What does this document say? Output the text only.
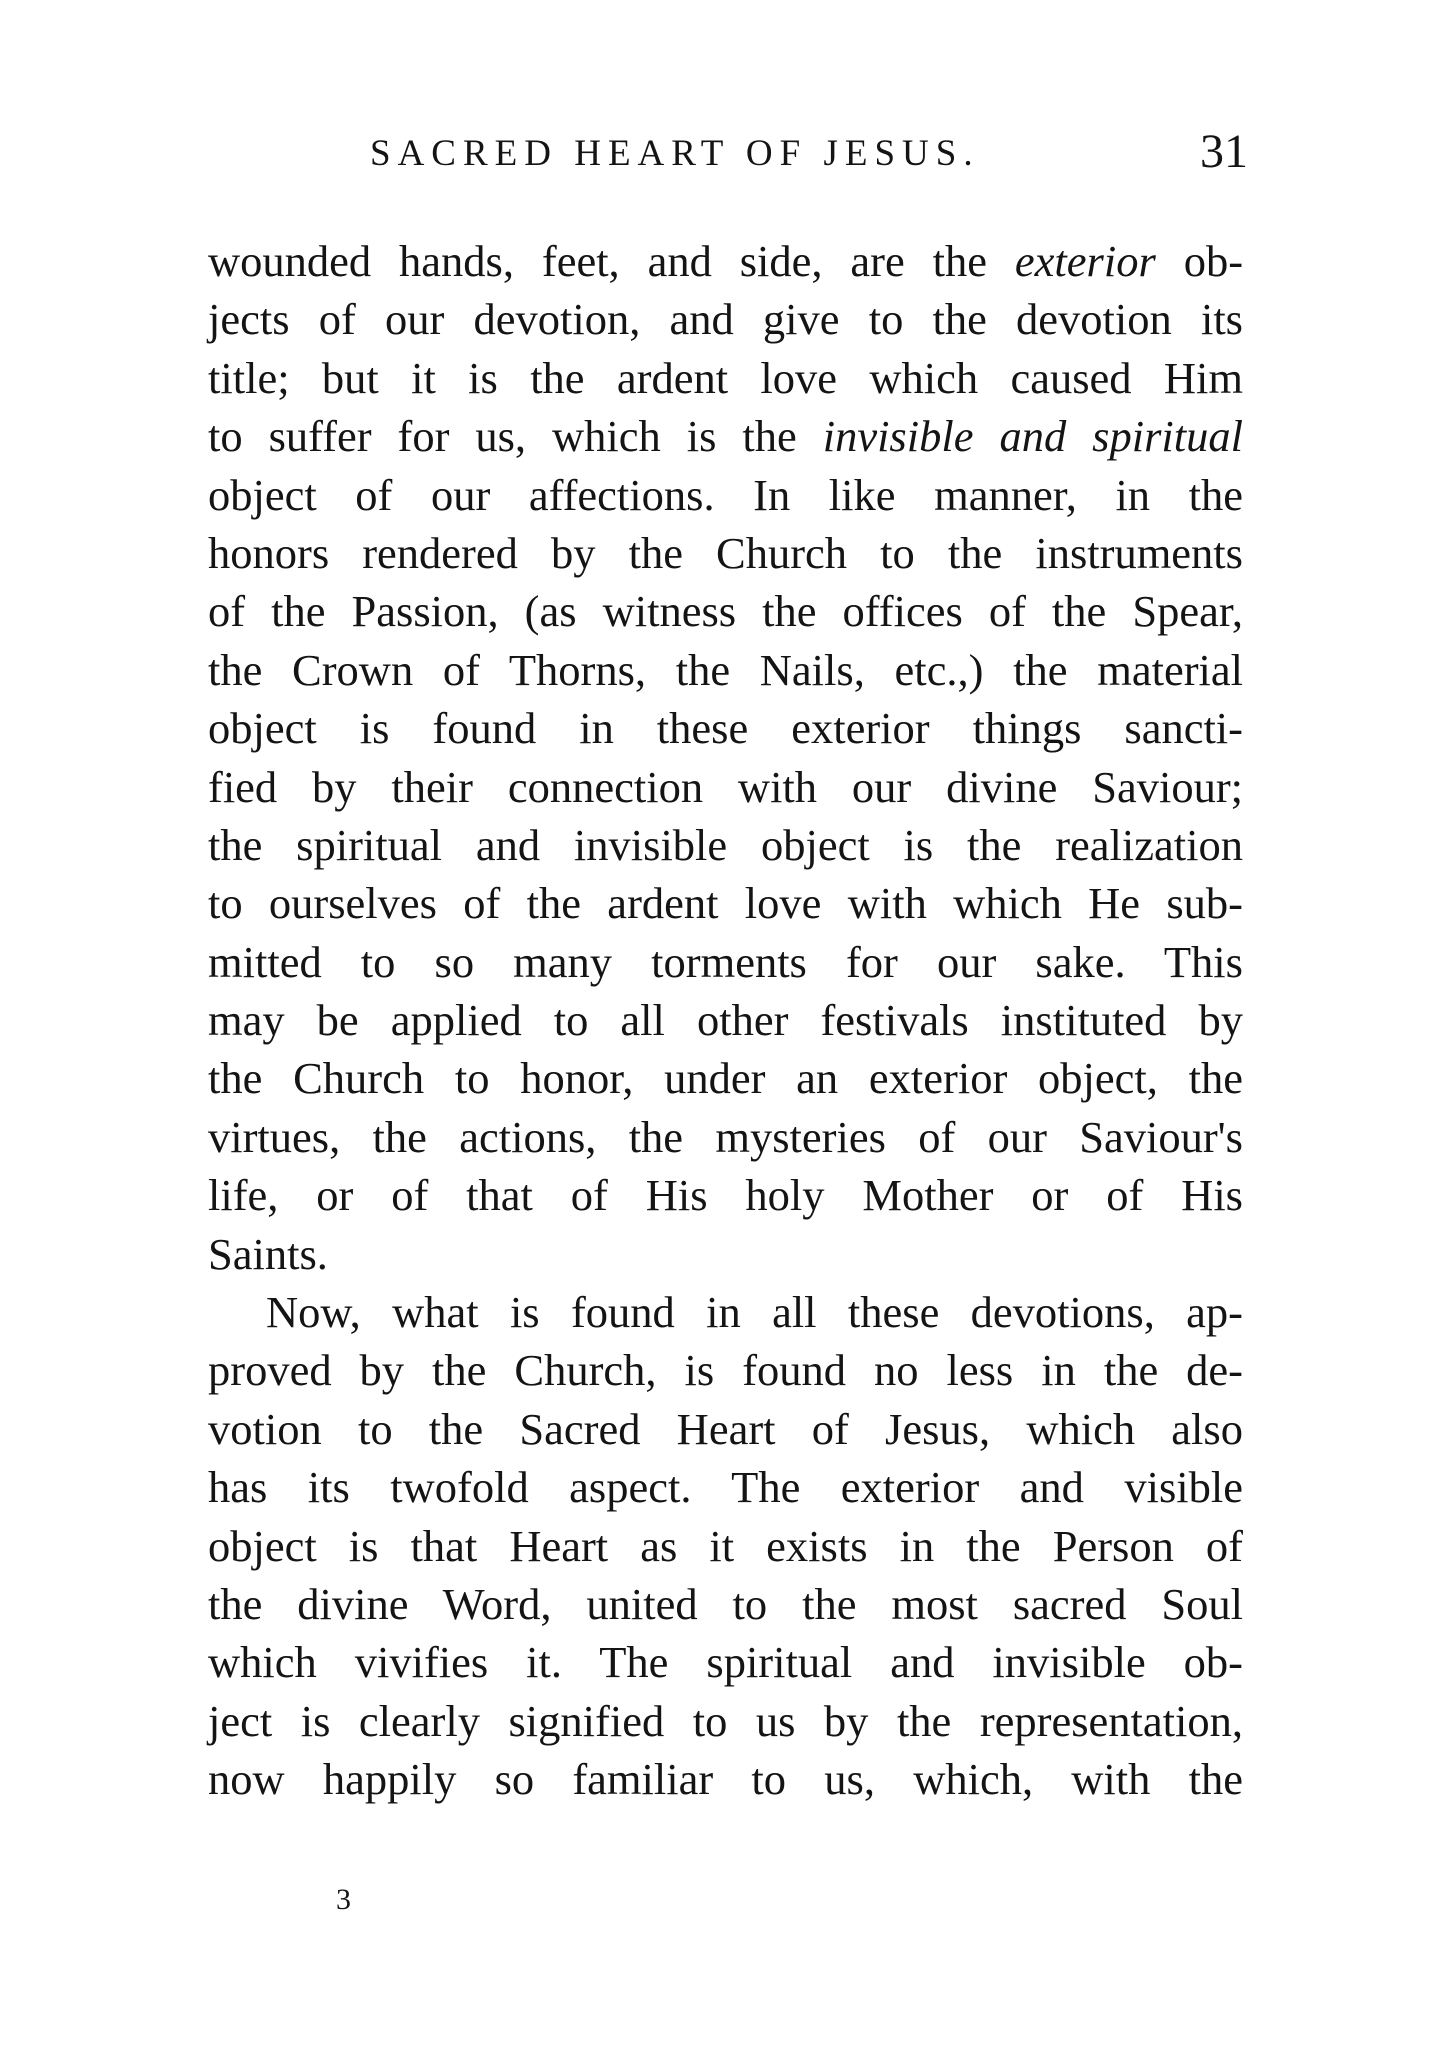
SACRED HEART OF JESUS.	31
wounded hands, feet, and side, are the exterior ob-
jects of our devotion, and give to the devotion its
title; but it is the ardent love which caused Him
to suffer for us, which is the invisible and spiritual
object of our affections. In like manner, in the
honors rendered by the Church to the instruments
of the Passion, (as witness the offices of the Spear,
the Crown of Thorns, the Nails, etc.,) the material
object is found in these exterior things sancti-
fied by their connection with our divine Saviour;
the spiritual and invisible object is the realization
to ourselves of the ardent love with which He sub-
mitted to so many torments for our sake. This
may be applied to all other festivals instituted by
the Church to honor, under an exterior object, the
virtues, the actions, the mysteries of our Saviour's
life, or of that of His holy Mother or of His
Saints.
Now, what is found in all these devotions, ap-
proved by the Church, is found no less in the de-
votion to the Sacred Heart of Jesus, which also
has its twofold aspect. The exterior and visible
object is that Heart as it exists in the Person of
the divine Word, united to the most sacred Soul
which vivifies it. The spiritual and invisible ob-
ject is clearly signified to us by the representation,
now happily so familiar to us, which, with the
3
